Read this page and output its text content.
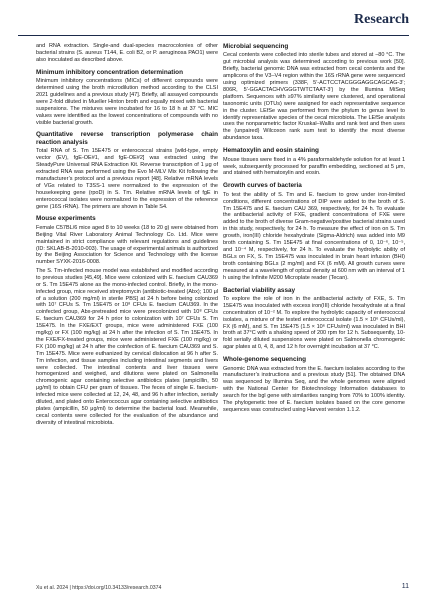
Research

and RNA extraction. Single-and dual-species macrocolonies of other bacterial strains (S. aureus T144, E. coli B2, or P. aeruginosa PAO1) were also inoculated as described above.

Minimum inhibitory concentration determination

Minimum inhibitory concentrations (MICs) of different compounds were determined using the broth microdilution method according to the CLSI 2021 guidelines and a previous study [47]. Briefly, all assayed compounds were 2-fold diluted in Mueller Hinton broth and equally mixed with bacterial suspensions. The mixtures were incubated for 16 to 18 h at 37 °C. MIC values were identified as the lowest concentrations of compounds with no visible bacterial growth.

Quantitative reverse transcription polymerase chain reaction analysis

Total RNA of S. Tm 15E475 or enterococcal strains [wild-type, empty vector (EV), fgE-OE#1, and fgE-OE#2] was extracted using the SteadyPure Universal RNA Extraction Kit. Reverse transcription of 1 μg of extracted RNA was performed using the Evo M-MLV Mix Kit following the manufacturer’s protocol and a previous report [48]. Relative mRNA levels of VGs related to T3SS-1 were normalized to the expression of the housekeeping gene (rpoD) in S. Tm. Relative mRNA levels of fgE in enterococcal isolates were normalized to the expression of the reference gene (16S rRNA). The primers are shown in Table S4.

Mouse experiments

Female C57BL/6 mice aged 8 to 10 weeks (18 to 20 g) were obtained from Beijing Vital River Laboratory Animal Technology Co. Ltd. Mice were maintained in strict compliance with relevant regulations and guidelines (ID: SKLAB-B-2010-003). The usage of experimental animals is authorized by the Beijing Association for Science and Technology with the license number SYXK-2016-0008.

The S. Tm-infected mouse model was established and modified according to previous studies [45,49]. Mice were colonized with E. faecium CAU369 or S. Tm 15E475 alone as the mono-infected control. Briefly, in the mono-infected group, mice received streptomycin (antibiotic-treated (Abx); 100 μl of a solution (200 mg/ml) in sterile PBS] at 24 h before being colonized with 10⁷ CFUs S. Tm 15E475 or 10⁸ CFUs E. faecium CAU369. In the coinfected group, Abx-pretreated mice were precolonized with 10⁸ CFUs E. faecium CAU369 for 24 h prior to colonization with 10⁷ CFUs S. Tm 15E475. In the FXE/EXT groups, mice were administered FXE (100 mg/kg) or FX (100 mg/kg) at 24 h after the infection of S. Tm 15E475. In the FXE/FX-treated groups, mice were administered FXE (100 mg/kg) or FX (100 mg/kg) at 24 h after the coinfection of E. faecium CAU369 and S. Tm 15E475. Mice were euthanized by cervical dislocation at 96 h after S. Tm infection, and tissue samples including intestinal segments and livers were collected. The intestinal contents and liver tissues were homogenized and weighed, and dilutions were plated on Salmonella chromogenic agar containing selective antibiotics plates (ampicillin, 50 μg/ml) to obtain CFU per gram of tissues. The feces of single E. faecium-infected mice were collected at 12, 24, 48, and 96 h after infection, serially diluted, and plated onto Enterococcus agar containing selective antibiotics plates (ampicillin, 50 μg/ml) to determine the bacterial load. Meanwhile, cecal contents were collected for the evaluation of the abundance and diversity of intestinal microbiota.

Microbial sequencing

Cecal contents were collected into sterile tubes and stored at −80 °C. The gut microbial analysis was determined according to previous work [50]. Briefly, bacterial genomic DNA was extracted from cecal contents and the amplicons of the V3–V4 region within the 16S rRNA gene were sequenced using optimized primers (338F, 5′-ACTCCTACGGGAGGCAGCAG-3′; 806R, 5′-GGACTACHVGGGTWTCTAAT-3′) by the Illumina MiSeq platform. Sequences with ≥97% similarity were clustered, and operational taxonomic units (OTUs) were assigned for each representative sequence in the cluster. LEfSe was performed from the phylum to genus level to identify representative species of the cecal microbiota. The LEfSe analysis uses the nonparametric factor Kruskal–Wallis and rank test and then uses the (unpaired) Wilcoxon rank sum test to identify the most diverse abundance taxa.

Hematoxylin and eosin staining

Mouse tissues were fixed in a 4% paraformaldehyde solution for at least 1 week, subsequently processed for paraffin embedding, sectioned at 5 μm, and stained with hematoxylin and eosin.

Growth curves of bacteria

To test the ability of S. Tm and E. faecium to grow under iron-limited conditions, different concentrations of DIP were added to the broth of S. Tm 15E475 and E. faecium CAU 369, respectively, for 24 h. To evaluate the antibacterial activity of FXE, gradient concentrations of FXE were added to the broth of diverse Gram-negative/positive bacterial strains used in this study, respectively, for 24 h. To measure the effect of iron on S. Tm growth, iron(III) chloride hexahydrate (Sigma-Aldrich) was added into M9 broth containing S. Tm 15E475 at final concentrations of 0, 10⁻⁶, 10⁻⁵, and 10⁻⁴ M, respectively, for 24 h. To evaluate the hydrolytic ability of BGLs on FX, S. Tm 15E475 was inoculated in brain heart infusion (BHI) broth containing BGLs (2 mg/ml) and FX (6 mM). All growth curves were measured at a wavelength of optical density at 600 nm with an interval of 1 h using the Infinite M200 Microplate reader (Tecan).

Bacterial viability assay

To explore the role of iron in the antibacterial activity of FXE, S. Tm 15E475 was inoculated with excess iron(III) chloride hexahydrate at a final concentration of 10⁻² M. To explore the hydrolytic capacity of enterococcal isolates, a mixture of the tested enterococcal isolate (1.5 × 10⁶ CFUs/ml), FX (6 mM), and S. Tm 15E475 (1.5 × 10⁶ CFUs/ml) was inoculated in BHI broth at 37°C with a shaking speed of 200 rpm for 12 h. Subsequently, 10-fold serially diluted suspensions were plated on Salmonella chromogenic agar plates at 0, 4, 8, and 12 h for overnight incubation at 37 °C.

Whole-genome sequencing

Genomic DNA was extracted from the E. faecium isolates according to the manufacturer’s instructions and a previous study [51]. The obtained DNA was sequenced by Illumina Seq, and the whole genomes were aligned with the National Center for Biotechnology Information databases to search for the bgl gene with similarities ranging from 70% to 100% identity. The phylogenetic tree of E. faecium isolates based on the core genome sequences was constructed using Harvest version 1.1.2.

Xu et al. 2024 | https://doi.org/10.34133/research.0374	11
